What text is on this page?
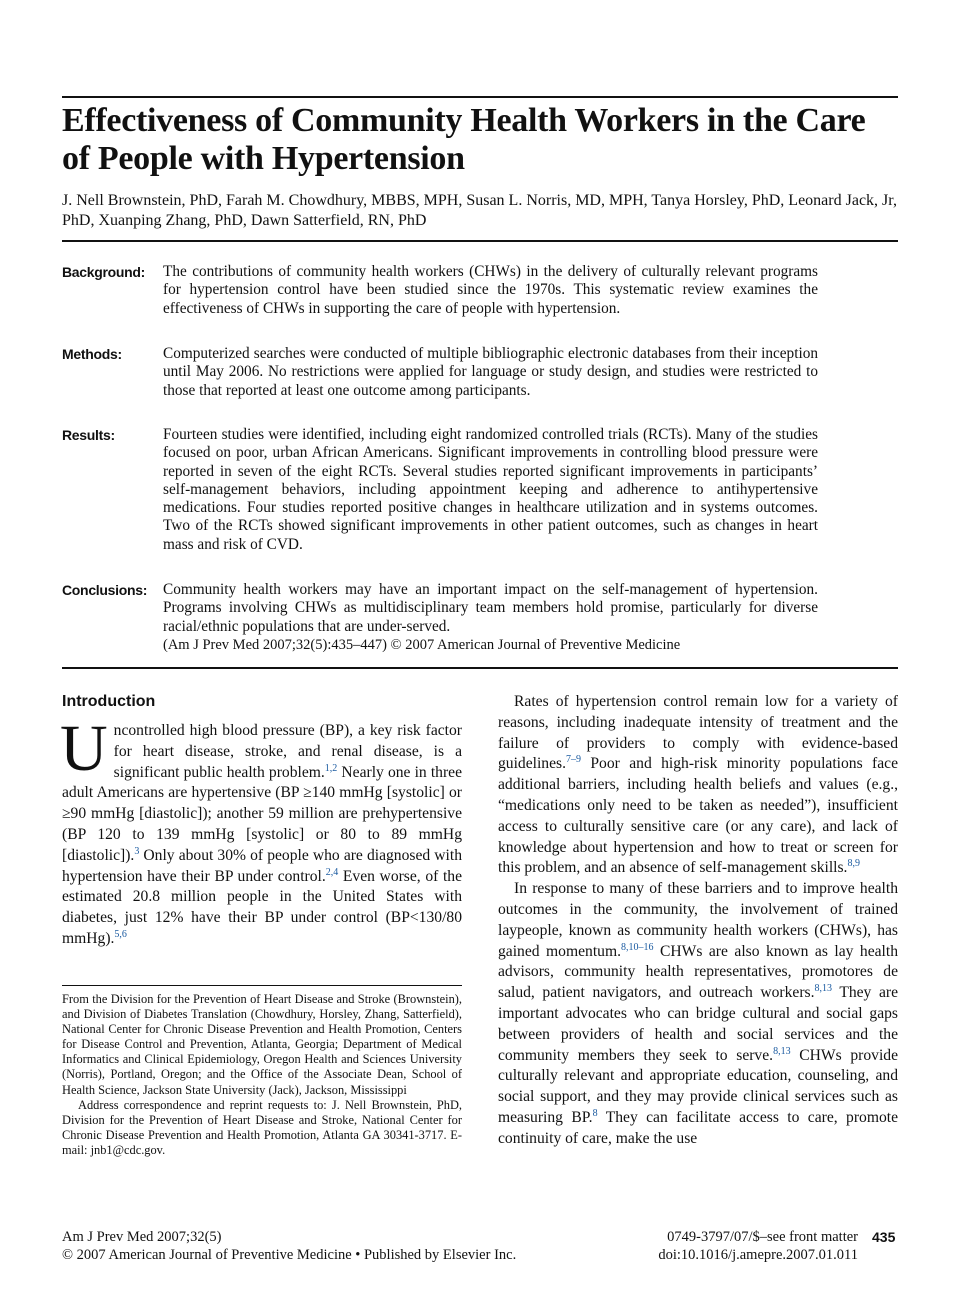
Effectiveness of Community Health Workers in the Care of People with Hypertension
J. Nell Brownstein, PhD, Farah M. Chowdhury, MBBS, MPH, Susan L. Norris, MD, MPH, Tanya Horsley, PhD, Leonard Jack, Jr, PhD, Xuanping Zhang, PhD, Dawn Satterfield, RN, PhD
Background:	The contributions of community health workers (CHWs) in the delivery of culturally relevant programs for hypertension control have been studied since the 1970s. This systematic review examines the effectiveness of CHWs in supporting the care of people with hypertension.
Methods:	Computerized searches were conducted of multiple bibliographic electronic databases from their inception until May 2006. No restrictions were applied for language or study design, and studies were restricted to those that reported at least one outcome among participants.
Results:	Fourteen studies were identified, including eight randomized controlled trials (RCTs). Many of the studies focused on poor, urban African Americans. Significant improvements in controlling blood pressure were reported in seven of the eight RCTs. Several studies reported significant improvements in participants’ self-management behaviors, including appointment keeping and adherence to antihypertensive medications. Four studies reported positive changes in healthcare utilization and in systems outcomes. Two of the RCTs showed significant improvements in other patient outcomes, such as changes in heart mass and risk of CVD.
Conclusions:	Community health workers may have an important impact on the self-management of hypertension. Programs involving CHWs as multidisciplinary team members hold promise, particularly for diverse racial/ethnic populations that are under-served.
(Am J Prev Med 2007;32(5):435–447) © 2007 American Journal of Preventive Medicine
Introduction

Uncontrolled high blood pressure (BP), a key risk factor for heart disease, stroke, and renal disease, is a significant public health problem.$^{1,2}$ Nearly one in three adult Americans are hypertensive (BP ≥140 mmHg [systolic] or ≥90 mmHg [diastolic]); another 59 million are prehypertensive (BP 120 to 139 mmHg [systolic] or 80 to 89 mmHg [diastolic]).$^3$ Only about 30% of people who are diagnosed with hypertension have their BP under control.$^{2,4}$ Even worse, of the estimated 20.8 million people in the United States with diabetes, just 12% have their BP under control (BP<130/80 mmHg).$^{5,6}$

From the Division for the Prevention of Heart Disease and Stroke (Brownstein), and Division of Diabetes Translation (Chowdhury, Horsley, Zhang, Satterfield), National Center for Chronic Disease Prevention and Health Promotion, Centers for Disease Control and Prevention, Atlanta, Georgia; Department of Medical Informatics and Clinical Epidemiology, Oregon Health and Sciences University (Norris), Portland, Oregon; and the Office of the Associate Dean, School of Health Science, Jackson State University (Jack), Jackson, Mississippi

Address correspondence and reprint requests to: J. Nell Brownstein, PhD, Division for the Prevention of Heart Disease and Stroke, National Center for Chronic Disease Prevention and Health Promotion, Atlanta GA 30341-3717. E-mail: jnb1@cdc.gov.

Rates of hypertension control remain low for a variety of reasons, including inadequate intensity of treatment and the failure of providers to comply with evidence-based guidelines.$^{7-9}$ Poor and high-risk minority populations face additional barriers, including health beliefs and values (e.g., “medications only need to be taken as needed”), insufficient access to culturally sensitive care (or any care), and lack of knowledge about hypertension and how to treat or screen for this problem, and an absence of self-management skills.$^{8,9}$

In response to many of these barriers and to improve health outcomes in the community, the involvement of trained laypeople, known as community health workers (CHWs), has gained momentum.$^{8,10-16}$ CHWs are also known as lay health advisors, community health representatives, promotores de salud, patient navigators, and outreach workers.$^{8,13}$ They are important advocates who can bridge cultural and social gaps between providers of health and social services and the community members they seek to serve.$^{8,13}$ CHWs provide culturally relevant and appropriate education, counseling, and social support, and they may provide clinical services such as measuring BP.$^8$ They can facilitate access to care, promote continuity of care, make the use

Am J Prev Med 2007;32(5)
© 2007 American Journal of Preventive Medicine • Published by Elsevier Inc.
0749-3797/07/$–see front matter
doi:10.1016/j.amepre.2007.01.011
435
